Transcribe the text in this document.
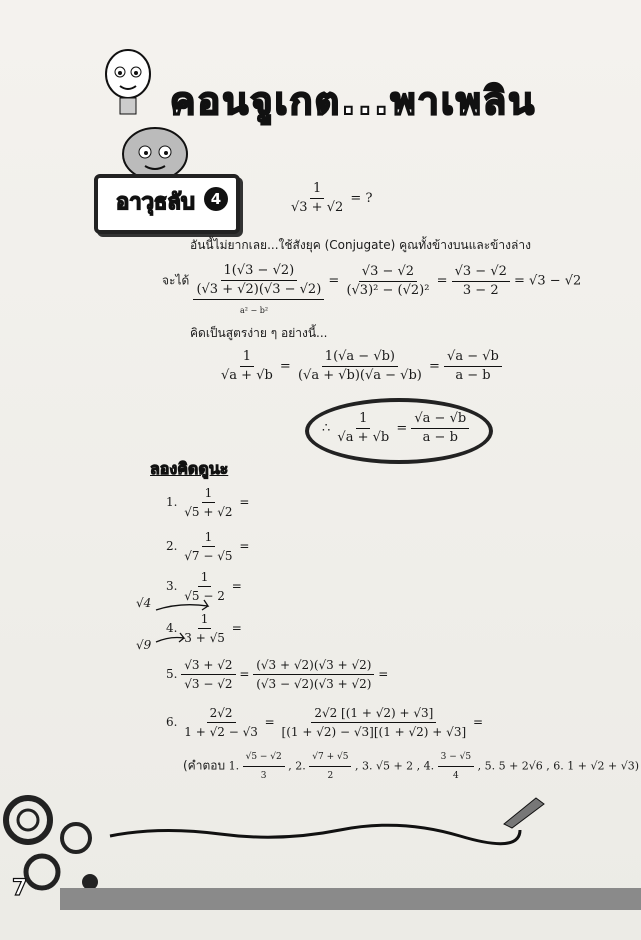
คอนจูเกต...พาเพลิน
อาวุธลับ	4	$\frac{1}{√3 + √2}$ = ?
อันนี้ไม่ยากเลย...ใช้สังยุค (Conjugate) คูณทั้งข้างบนและข้างล่าง
จะได้ $\frac{1(√3 - √2)}{(√3 + √2)(√3 - √2)} = \frac{√3 - √2}{\text{(√3)² − (√2)²}} = \frac{√3 - √2}{3 - 2} = √3 - √2$
a² − b²
คิดเป็นสูตรง่าย ๆ อย่างนี้...
$\frac{1}{√a + √b} = \frac{1(√a - √b)}{(√a + √b)(√a - √b)} = \frac{√a - √b}{a - b}$
∴ $\frac{1}{√a + √b} = \frac{√a - √b}{a - b}$
ลองคิดดูนะ
1. $\frac{1}{√5 + √2}$ =
2. $\frac{1}{√7 - √5}$ =
3. $\frac{1}{√5 - 2}$ =
4. $\frac{1}{3 + √5}$ =
√4
√9
5. $\frac{√3 + √2}{√3 - √2} = \frac{(√3 + √2)(√3 + √2)}{(√3 - √2)(√3 + √2)}$ =
6. $\frac{2√2}{1 + √2 - √3} = \frac{2√2 [(1 + √2) + √3]}{[(1 + √2) - √3][(1 + √2) + √3]}$ =
(คำตอบ 1. $\frac{√5 - √2}{3}$ , 2. $\frac{√7 + √5}{2}$ , 3. √5 + 2 , 4. $\frac{3 - √5}{4}$ , 5. 5 + 2√6 , 6. 1 + √2 + √3)
7
